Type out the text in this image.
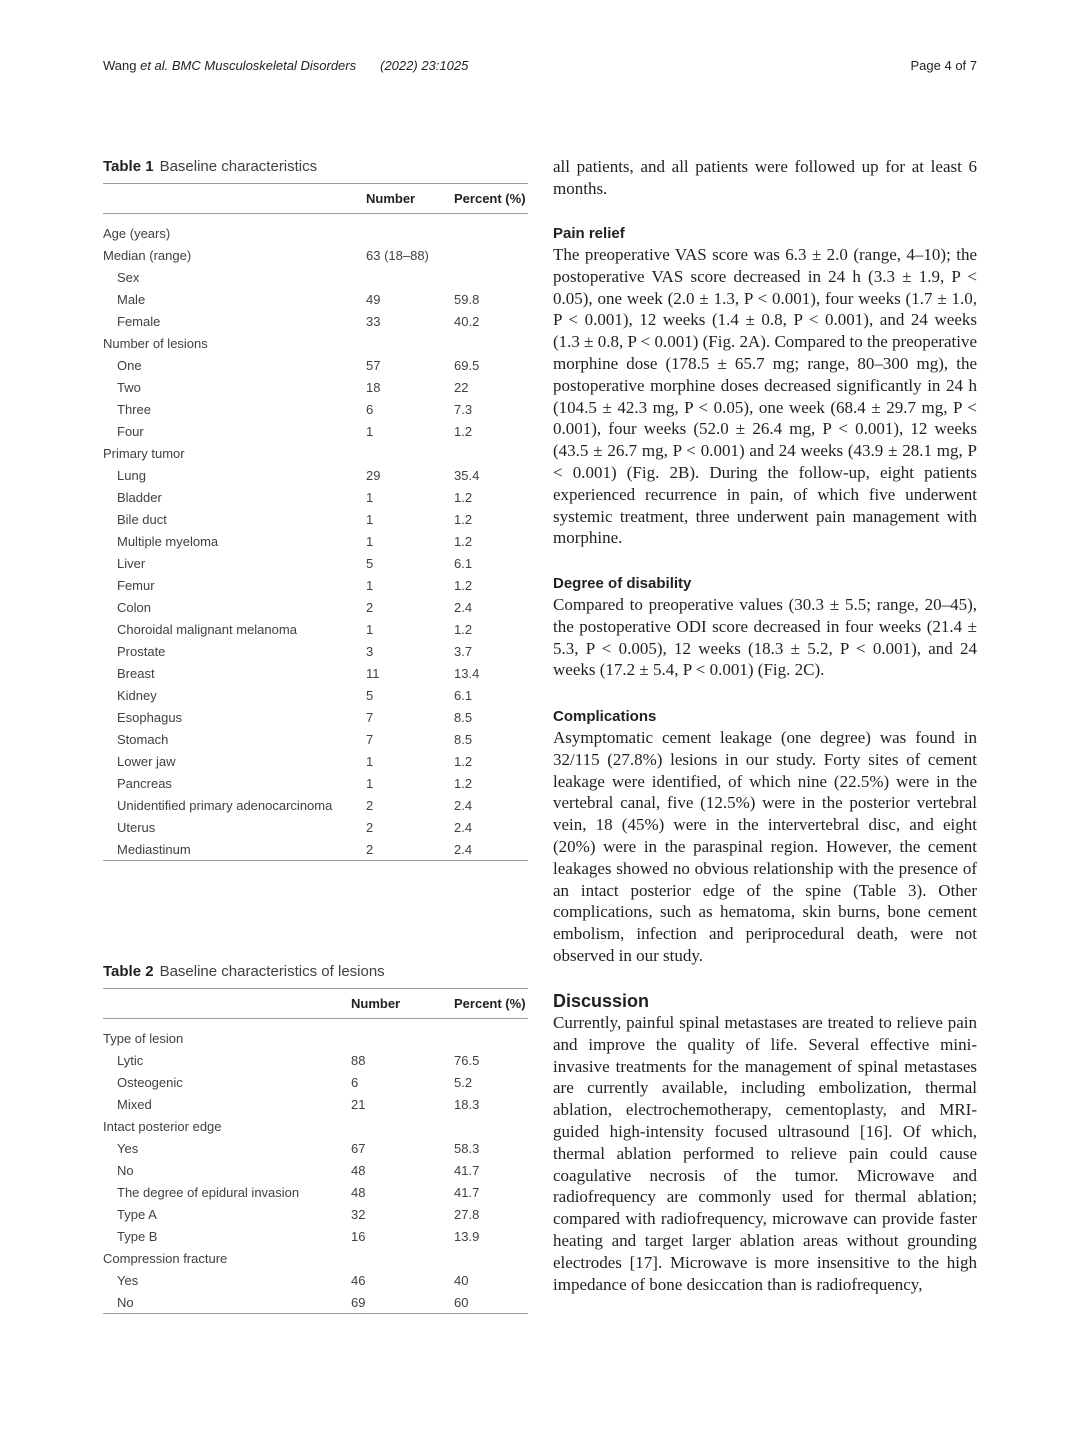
Wang et al. BMC Musculoskeletal Disorders (2022) 23:1025	Page 4 of 7
Table 1 Baseline characteristics
	Number	Percent (%)
Age (years)		
Median (range)	63 (18–88)	
Sex		
Male	49	59.8
Female	33	40.2
Number of lesions		
One	57	69.5
Two	18	22
Three	6	7.3
Four	1	1.2
Primary tumor		
Lung	29	35.4
Bladder	1	1.2
Bile duct	1	1.2
Multiple myeloma	1	1.2
Liver	5	6.1
Femur	1	1.2
Colon	2	2.4
Choroidal malignant melanoma	1	1.2
Prostate	3	3.7
Breast	11	13.4
Kidney	5	6.1
Esophagus	7	8.5
Stomach	7	8.5
Lower jaw	1	1.2
Pancreas	1	1.2
Unidentified primary adenocarcinoma	2	2.4
Uterus	2	2.4
Mediastinum	2	2.4
Table 2 Baseline characteristics of lesions
	Number	Percent (%)
Type of lesion		
Lytic	88	76.5
Osteogenic	6	5.2
Mixed	21	18.3
Intact posterior edge		
Yes	67	58.3
No	48	41.7
The degree of epidural invasion	48	41.7
Type A	32	27.8
Type B	16	13.9
Compression fracture		
Yes	46	40
No	69	60

all patients, and all patients were followed up for at least 6 months.

Pain relief

The preoperative VAS score was 6.3 ± 2.0 (range, 4–10); the postoperative VAS score decreased in 24 h (3.3 ± 1.9, P < 0.05), one week (2.0 ± 1.3, P < 0.001), four weeks (1.7 ± 1.0, P < 0.001), 12 weeks (1.4 ± 0.8, P < 0.001), and 24 weeks (1.3 ± 0.8, P < 0.001) (Fig. 2A). Compared to the preoperative morphine dose (178.5 ± 65.7 mg; range, 80–300 mg), the postoperative morphine doses decreased significantly in 24 h (104.5 ± 42.3 mg, P < 0.05), one week (68.4 ± 29.7 mg, P < 0.001), four weeks (52.0 ± 26.4 mg, P < 0.001), 12 weeks (43.5 ± 26.7 mg, P < 0.001) and 24 weeks (43.9 ± 28.1 mg, P < 0.001) (Fig. 2B). During the follow-up, eight patients experienced recurrence in pain, of which five underwent systemic treatment, three underwent pain management with morphine.

Degree of disability

Compared to preoperative values (30.3 ± 5.5; range, 20–45), the postoperative ODI score decreased in four weeks (21.4 ± 5.3, P < 0.005), 12 weeks (18.3 ± 5.2, P < 0.001), and 24 weeks (17.2 ± 5.4, P < 0.001) (Fig. 2C).

Complications

Asymptomatic cement leakage (one degree) was found in 32/115 (27.8%) lesions in our study. Forty sites of cement leakage were identified, of which nine (22.5%) were in the vertebral canal, five (12.5%) were in the posterior vertebral vein, 18 (45%) were in the intervertebral disc, and eight (20%) were in the paraspinal region. However, the cement leakages showed no obvious relationship with the presence of an intact posterior edge of the spine (Table 3). Other complications, such as hematoma, skin burns, bone cement embolism, infection and periprocedural death, were not observed in our study.

Discussion

Currently, painful spinal metastases are treated to relieve pain and improve the quality of life. Several effective mini-invasive treatments for the management of spinal metastases are currently available, including embolization, thermal ablation, electrochemotherapy, cementoplasty, and MRI-guided high-intensity focused ultrasound [16]. Of which, thermal ablation performed to relieve pain could cause coagulative necrosis of the tumor. Microwave and radiofrequency are commonly used for thermal ablation; compared with radiofrequency, microwave can provide faster heating and target larger ablation areas without grounding electrodes [17]. Microwave is more insensitive to the high impedance of bone desiccation than is radiofrequency,
